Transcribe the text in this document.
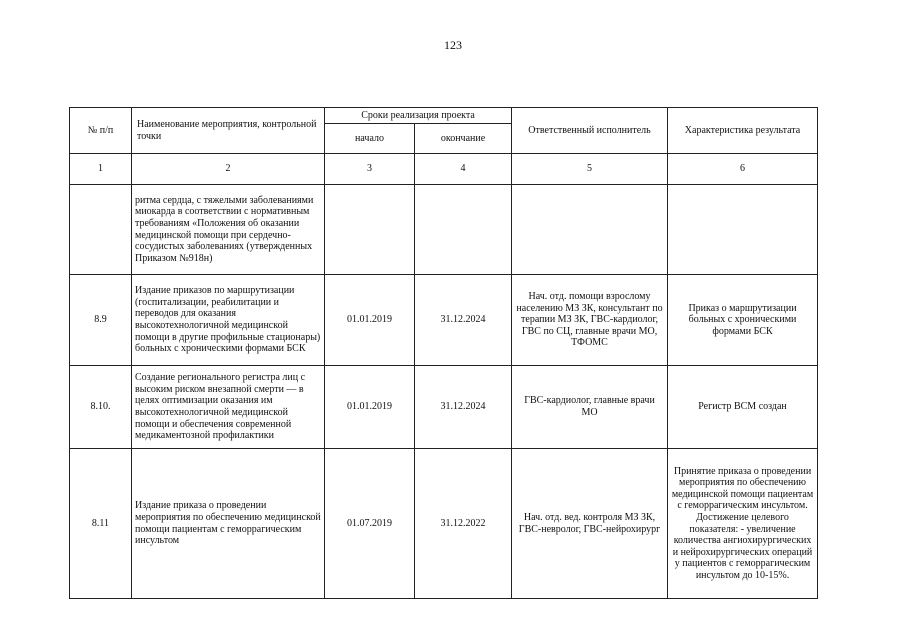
123
№ п/п	Наименование мероприятия, контрольной точки	Сроки реализация проекта		Ответственный исполнитель	Характеристика результата
		начало	окончание		
1	2	3	4	5	6
	ритма сердца, с тяжелыми заболеваниями миокарда в соответствии с нормативным требованиям «Положения об оказании медицинской помощи при сердечно-сосудистых заболеваниях (утвержденных Приказом №918н)				
8.9	Издание приказов по маршрутизации (госпитализации, реабилитации и переводов для оказания высокотехнологичной медицинской помощи в другие профильные стационары) больных с хроническими формами БСК	01.01.2019	31.12.2024	Нач. отд. помощи взрослому населению МЗ ЗК, консультант по терапии МЗ ЗК, ГВС-кардиолог, ГВС по СЦ, главные врачи МО, ТФОМС	Приказ о маршрутизации больных с хроническими формами БСК
8.10.	Создание регионального регистра лиц с высоким риском внезапной смерти — в целях оптимизации оказания им высокотехнологичной медицинской помощи и обеспечения современной медикаментозной профилактики	01.01.2019	31.12.2024	ГВС-кардиолог, главные врачи МО	Регистр ВСМ создан
8.11	Издание приказа о проведении мероприятия по обеспечению медицинской помощи пациентам с геморрагическим инсультом	01.07.2019	31.12.2022	Нач. отд. вед. контроля МЗ ЗК, ГВС-невролог, ГВС-нейрохирург	Принятие приказа о проведении мероприятия по обеспечению медицинской помощи пациентам с геморрагическим инсультом. Достижение целевого показателя: - увеличение количества ангиохирургических и нейрохирургических операций у пациентов с геморрагическим инсультом до 10-15%.
